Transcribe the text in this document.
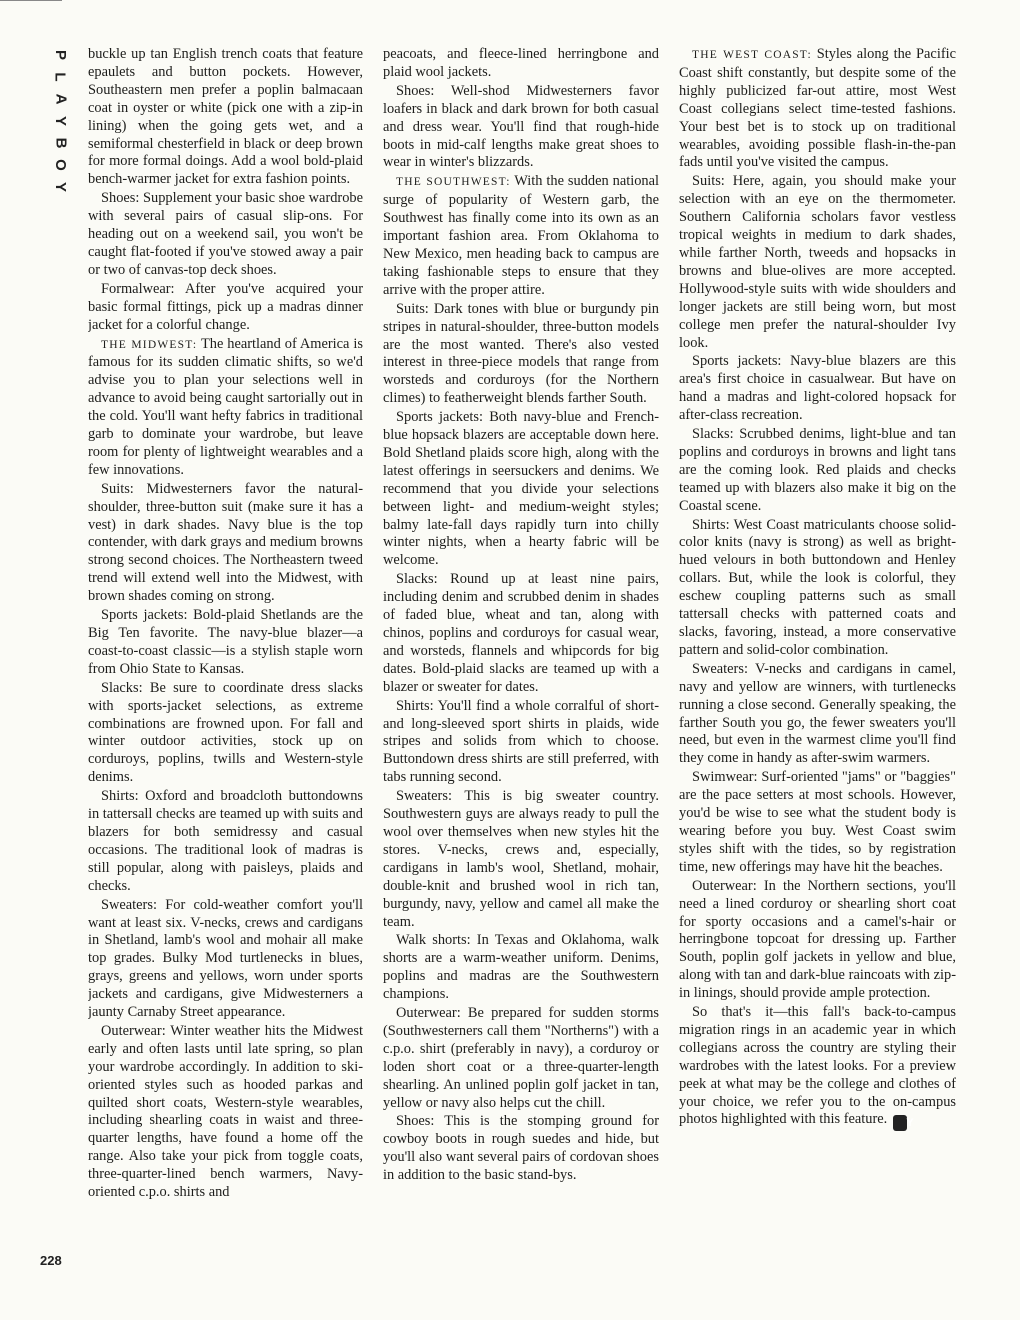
P
L
A
Y
B
O
Y
228

buckle up tan English trench coats that feature epaulets and button pockets. However, Southeastern men prefer a poplin balmacaan coat in oyster or white (pick one with a zip-in lining) when the going gets wet, and a semiformal chesterfield in black or deep brown for more formal doings. Add a wool bold-plaid bench-warmer jacket for extra fashion points.

Shoes: Supplement your basic shoe wardrobe with several pairs of casual slip-ons. For heading out on a weekend sail, you won't be caught flat-footed if you've stowed away a pair or two of canvas-top deck shoes.

Formalwear: After you've acquired your basic formal fittings, pick up a madras dinner jacket for a colorful change.

THE MIDWEST: The heartland of America is famous for its sudden climatic shifts, so we'd advise you to plan your selections well in advance to avoid being caught sartorially out in the cold. You'll want hefty fabrics in traditional garb to dominate your wardrobe, but leave room for plenty of lightweight wearables and a few innovations.

Suits: Midwesterners favor the natural-shoulder, three-button suit (make sure it has a vest) in dark shades. Navy blue is the top contender, with dark grays and medium browns strong second choices. The Northeastern tweed trend will extend well into the Midwest, with brown shades coming on strong.

Sports jackets: Bold-plaid Shetlands are the Big Ten favorite. The navy-blue blazer—a coast-to-coast classic—is a stylish staple worn from Ohio State to Kansas.

Slacks: Be sure to coordinate dress slacks with sports-jacket selections, as extreme combinations are frowned upon. For fall and winter outdoor activities, stock up on corduroys, poplins, twills and Western-style denims.

Shirts: Oxford and broadcloth buttondowns in tattersall checks are teamed up with suits and blazers for both semidressy and casual occasions. The traditional look of madras is still popular, along with paisleys, plaids and checks.

Sweaters: For cold-weather comfort you'll want at least six. V-necks, crews and cardigans in Shetland, lamb's wool and mohair all make top grades. Bulky Mod turtlenecks in blues, grays, greens and yellows, worn under sports jackets and cardigans, give Midwesterners a jaunty Carnaby Street appearance.

Outerwear: Winter weather hits the Midwest early and often lasts until late spring, so plan your wardrobe accordingly. In addition to ski-oriented styles such as hooded parkas and quilted short coats, Western-style wearables, including shearling coats in waist and three-quarter lengths, have found a home off the range. Also take your pick from toggle coats, three-quarter-lined bench warmers, Navy-oriented c.p.o. shirts and

peacoats, and fleece-lined herringbone and plaid wool jackets.

Shoes: Well-shod Midwesterners favor loafers in black and dark brown for both casual and dress wear. You'll find that rough-hide boots in mid-calf lengths make great shoes to wear in winter's blizzards.

THE SOUTHWEST: With the sudden national surge of popularity of Western garb, the Southwest has finally come into its own as an important fashion area. From Oklahoma to New Mexico, men heading back to campus are taking fashionable steps to ensure that they arrive with the proper attire.

Suits: Dark tones with blue or burgundy pin stripes in natural-shoulder, three-button models are the most wanted. There's also vested interest in three-piece models that range from worsteds and corduroys (for the Northern climes) to featherweight blends farther South.

Sports jackets: Both navy-blue and French-blue hopsack blazers are acceptable down here. Bold Shetland plaids score high, along with the latest offerings in seersuckers and denims. We recommend that you divide your selections between light- and medium-weight styles; balmy late-fall days rapidly turn into chilly winter nights, when a hearty fabric will be welcome.

Slacks: Round up at least nine pairs, including denim and scrubbed denim in shades of faded blue, wheat and tan, along with chinos, poplins and corduroys for casual wear, and worsteds, flannels and whipcords for big dates. Bold-plaid slacks are teamed up with a blazer or sweater for dates.

Shirts: You'll find a whole corralful of short- and long-sleeved sport shirts in plaids, wide stripes and solids from which to choose. Buttondown dress shirts are still preferred, with tabs running second.

Sweaters: This is big sweater country. Southwestern guys are always ready to pull the wool over themselves when new styles hit the stores. V-necks, crews and, especially, cardigans in lamb's wool, Shetland, mohair, double-knit and brushed wool in rich tan, burgundy, navy, yellow and camel all make the team.

Walk shorts: In Texas and Oklahoma, walk shorts are a warm-weather uniform. Denims, poplins and madras are the Southwestern champions.

Outerwear: Be prepared for sudden storms (Southwesterners call them "Northerns") with a c.p.o. shirt (preferably in navy), a corduroy or loden short coat or a three-quarter-length shearling. An unlined poplin golf jacket in tan, yellow or navy also helps cut the chill.

Shoes: This is the stomping ground for cowboy boots in rough suedes and hide, but you'll also want several pairs of cordovan shoes in addition to the basic stand-bys.

THE WEST COAST: Styles along the Pacific Coast shift constantly, but despite some of the highly publicized far-out attire, most West Coast collegians select time-tested fashions. Your best bet is to stock up on traditional wearables, avoiding possible flash-in-the-pan fads until you've visited the campus.

Suits: Here, again, you should make your selection with an eye on the thermometer. Southern California scholars favor vestless tropical weights in medium to dark shades, while farther North, tweeds and hopsacks in browns and blue-olives are more accepted. Hollywood-style suits with wide shoulders and longer jackets are still being worn, but most college men prefer the natural-shoulder Ivy look.

Sports jackets: Navy-blue blazers are this area's first choice in casualwear. But have on hand a madras and light-colored hopsack for after-class recreation.

Slacks: Scrubbed denims, light-blue and tan poplins and corduroys in browns and light tans are the coming look. Red plaids and checks teamed up with blazers also make it big on the Coastal scene.

Shirts: West Coast matriculants choose solid-color knits (navy is strong) as well as bright-hued velours in both buttondown and Henley collars. But, while the look is colorful, they eschew coupling patterns such as small tattersall checks with patterned coats and slacks, favoring, instead, a more conservative pattern and solid-color combination.

Sweaters: V-necks and cardigans in camel, navy and yellow are winners, with turtlenecks running a close second. Generally speaking, the farther South you go, the fewer sweaters you'll need, but even in the warmest clime you'll find they come in handy as after-swim warmers.

Swimwear: Surf-oriented "jams" or "baggies" are the pace setters at most schools. However, you'd be wise to see what the student body is wearing before you buy. West Coast swim styles shift with the tides, so by registration time, new offerings may have hit the beaches.

Outerwear: In the Northern sections, you'll need a lined corduroy or shearling short coat for sporty occasions and a camel's-hair or herringbone topcoat for dressing up. Farther South, poplin golf jackets in yellow and blue, along with tan and dark-blue raincoats with zip-in linings, should provide ample protection.

So that's it—this fall's back-to-campus migration rings in an academic year in which collegians across the country are styling their wardrobes with the latest looks. For a preview peek at what may be the college and clothes of your choice, we refer you to the on-campus photos highlighted with this feature. Y
